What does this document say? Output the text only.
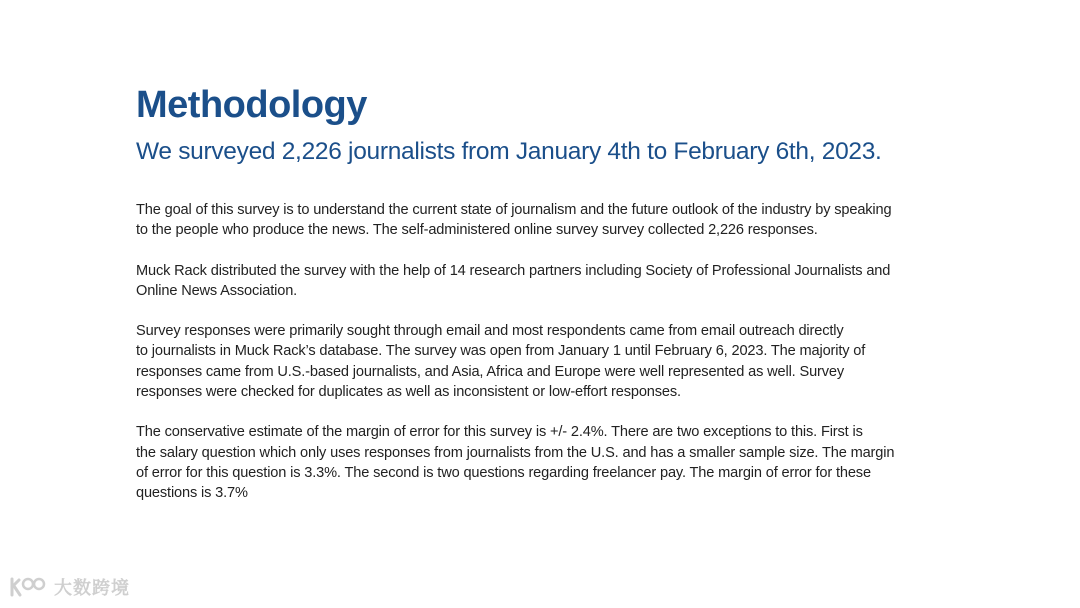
Methodology
We surveyed 2,226 journalists from January 4th to February 6th, 2023.

The goal of this survey is to understand the current state of journalism and the future outlook of the industry by speaking
to the people who produce the news. The self-administered online survey survey collected 2,226 responses.

Muck Rack distributed the survey with the help of 14 research partners including Society of Professional Journalists and
Online News Association.

Survey responses were primarily sought through email and most respondents came from email outreach directly
to journalists in Muck Rack’s database. The survey was open from January 1 until February 6, 2023. The majority of
responses came from U.S.-based journalists, and Asia, Africa and Europe were well represented as well. Survey
responses were checked for duplicates as well as inconsistent or low-effort responses.

The conservative estimate of the margin of error for this survey is +/- 2.4%. There are two exceptions to this. First is
the salary question which only uses responses from journalists from the U.S. and has a smaller sample size. The margin
of error for this question is 3.3%. The second is two questions regarding freelancer pay. The margin of error for these
questions is 3.7%

大数跨境
